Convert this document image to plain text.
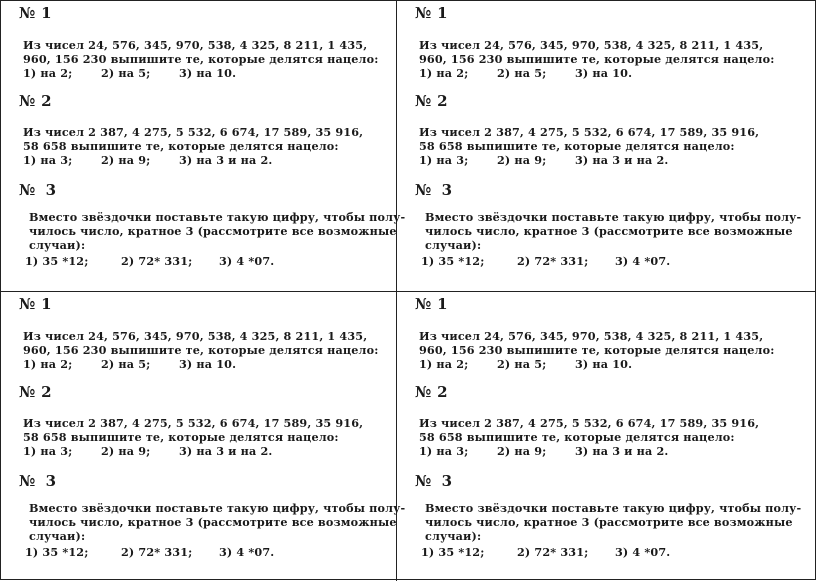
№ 1
Из чисел 24, 576, 345, 970, 538, 4 325, 8 211, 1 435,
960, 156 230 выпишите те, которые делятся нацело:
1) на 2;	2) на 5;	3) на 10.
№ 2
Из чисел 2 387, 4 275, 5 532, 6 674, 17 589, 35 916,
58 658 выпишите те, которые делятся нацело:
1) на 3;	2) на 9;	3) на 3 и на 2.
№ 3
Вместо звёздочки поставьте такую цифру, чтобы полу-
чилось число, кратное 3 (рассмотрите все возможные
случаи):
1) 35 *12;	2) 72* 331; 3) 4 *07.
№ 1
Из чисел 24, 576, 345, 970, 538, 4 325, 8 211, 1 435,
960, 156 230 выпишите те, которые делятся нацело:
1) на 2;	2) на 5;	3) на 10.
№ 2
Из чисел 2 387, 4 275, 5 532, 6 674, 17 589, 35 916,
58 658 выпишите те, которые делятся нацело:
1) на 3;	2) на 9;	3) на 3 и на 2.
№ 3
Вместо звёздочки поставьте такую цифру, чтобы полу-
чилось число, кратное 3 (рассмотрите все возможные
случаи):
1) 35 *12;	2) 72* 331; 3) 4 *07.
№ 1
Из чисел 24, 576, 345, 970, 538, 4 325, 8 211, 1 435,
960, 156 230 выпишите те, которые делятся нацело:
1) на 2;	2) на 5;	3) на 10.
№ 2
Из чисел 2 387, 4 275, 5 532, 6 674, 17 589, 35 916,
58 658 выпишите те, которые делятся нацело:
1) на 3;	2) на 9;	3) на 3 и на 2.
№ 3
Вместо звёздочки поставьте такую цифру, чтобы полу-
чилось число, кратное 3 (рассмотрите все возможные
случаи):
1) 35 *12;	2) 72* 331; 3) 4 *07.
№ 1
Из чисел 24, 576, 345, 970, 538, 4 325, 8 211, 1 435,
960, 156 230 выпишите те, которые делятся нацело:
1) на 2;	2) на 5;	3) на 10.
№ 2
Из чисел 2 387, 4 275, 5 532, 6 674, 17 589, 35 916,
58 658 выпишите те, которые делятся нацело:
1) на 3;	2) на 9;	3) на 3 и на 2.
№ 3
Вместо звёздочки поставьте такую цифру, чтобы полу-
чилось число, кратное 3 (рассмотрите все возможные
случаи):
1) 35 *12;	2) 72* 331; 3) 4 *07.
